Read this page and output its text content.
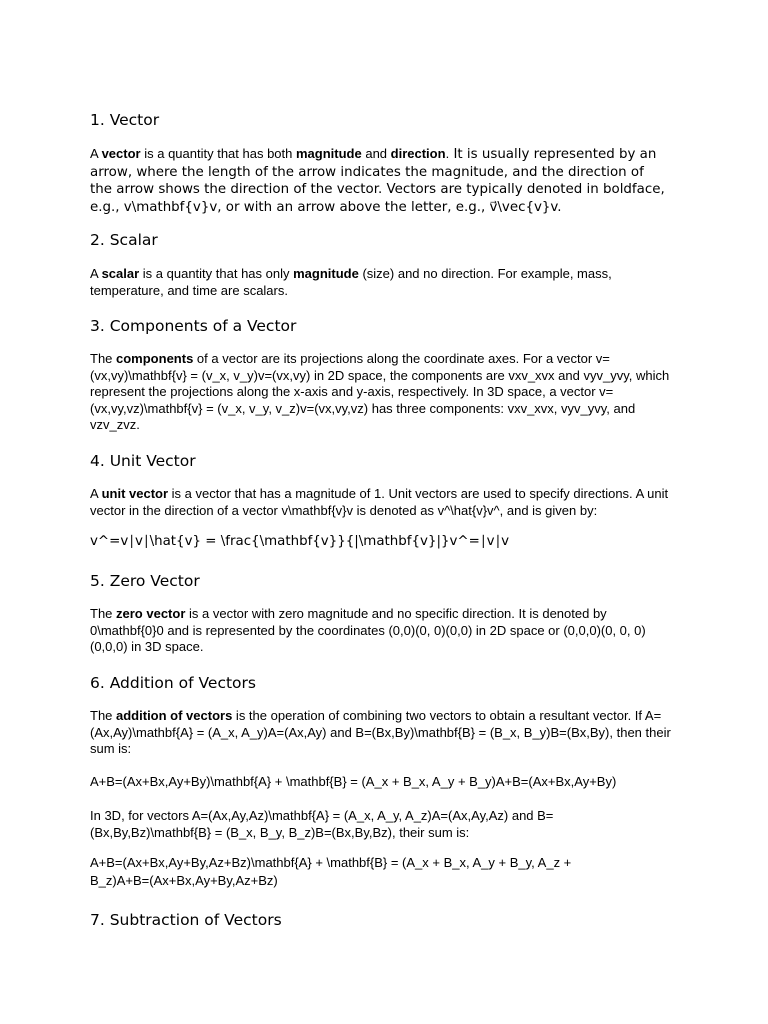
1. Vector

A vector is a quantity that has both magnitude and direction. It is usually represented by an arrow, where the length of the arrow indicates the magnitude, and the direction of the arrow shows the direction of the vector. Vectors are typically denoted in boldface, e.g., v\mathbf{v}v, or with an arrow above the letter, e.g., v⃗\vec{v}v.

2. Scalar

A scalar is a quantity that has only magnitude (size) and no direction. For example, mass, temperature, and time are scalars.

3. Components of a Vector

The components of a vector are its projections along the coordinate axes. For a vector v=(vx,vy)\mathbf{v} = (v_x, v_y)v=(vx,vy) in 2D space, the components are vxv_xvx and vyv_yvy, which represent the projections along the x-axis and y-axis, respectively. In 3D space, a vector v=(vx,vy,vz)\mathbf{v} = (v_x, v_y, v_z)v=(vx,vy,vz) has three components: vxv_xvx, vyv_yvy, and vzv_zvz.

4. Unit Vector

A unit vector is a vector that has a magnitude of 1. Unit vectors are used to specify directions. A unit vector in the direction of a vector v\mathbf{v}v is denoted as v^\hat{v}v^, and is given by:

v^=v∣v∣\hat{v} = \frac{\mathbf{v}}{|\mathbf{v}|}v^=∣v∣v

5. Zero Vector

The zero vector is a vector with zero magnitude and no specific direction. It is denoted by 0\mathbf{0}0 and is represented by the coordinates (0,0)(0, 0)(0,0) in 2D space or (0,0,0)(0, 0, 0)(0,0,0) in 3D space.

6. Addition of Vectors

The addition of vectors is the operation of combining two vectors to obtain a resultant vector. If A=(Ax,Ay)\mathbf{A} = (A_x, A_y)A=(Ax,Ay) and B=(Bx,By)\mathbf{B} = (B_x, B_y)B=(Bx,By), then their sum is:

A+B=(Ax+Bx,Ay+By)\mathbf{A} + \mathbf{B} = (A_x + B_x, A_y + B_y)A+B=(Ax+Bx,Ay+By)

In 3D, for vectors A=(Ax,Ay,Az)\mathbf{A} = (A_x, A_y, A_z)A=(Ax,Ay,Az) and B=(Bx,By,Bz)\mathbf{B} = (B_x, B_y, B_z)B=(Bx,By,Bz), their sum is:

A+B=(Ax+Bx,Ay+By,Az+Bz)\mathbf{A} + \mathbf{B} = (A_x + B_x, A_y + B_y, A_z + B_z)A+B=(Ax+Bx,Ay+By,Az+Bz)

7. Subtraction of Vectors
